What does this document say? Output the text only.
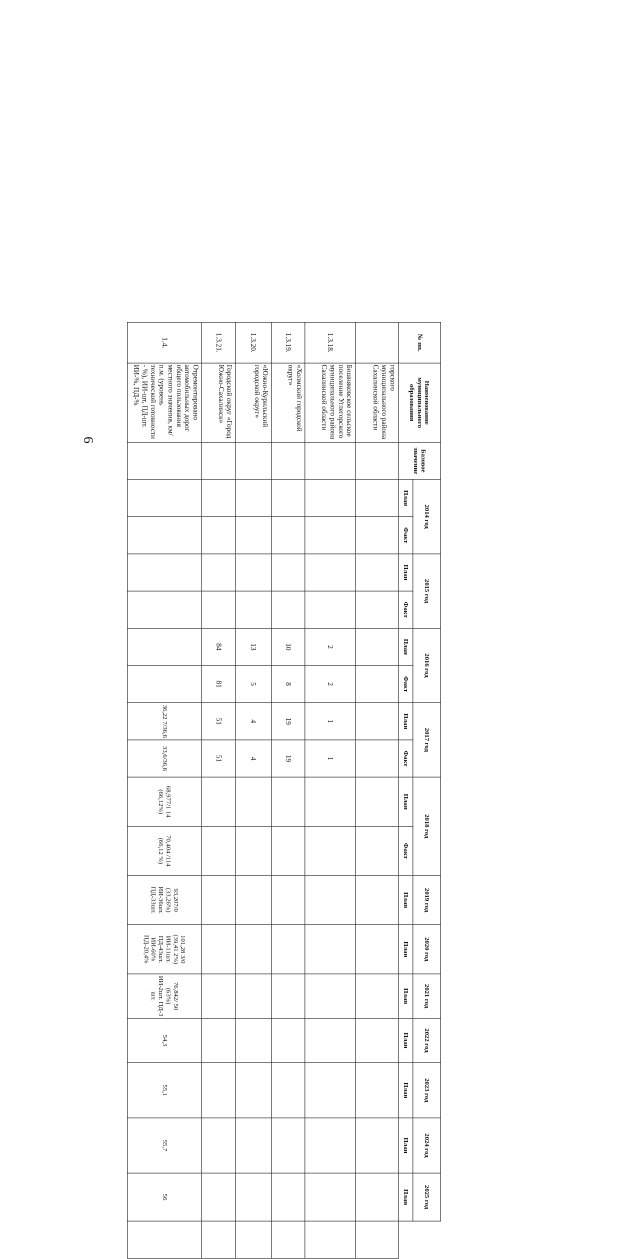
6
№ пп.	Наименование муниципального образования	Базовое значение	2014 год		2015 год		2016 год		2017 год		2018 год		2019 год	2020 год	2021 год	2022 год	2023 год	2024 год	2025 год	
			План	Факт	План	Факт	План	Факт	План	Факт	План	Факт	План	План	План	План	План	План	План	
	горского муниципального района Сахалинской области																			
1.3.18.	Бошняковское сельское поселение Углегорского муниципального района Сахалинской области						2	2	1	1										
1.3.19.	«Холмский городской округ»						10	8	19	19										
1.3.20.	«Южно-Курильский городской округ»						13	5	4	4										
1.3.21.	Городской округ «Город Южно-Сахалинск»						84	81	51	51										
1.4.	Отремонтировано автомобильных дорог общего пользования местного значения, км/п.м. (уровень технической готовности - %), ИИ-шт, ПД-шт. ИИ-%, ПД-%								36,22 7/36,6	33,6/36,6	68,977/1 14 (66,12%)	70,404 /114 (66,12 %)	93,207/0 (33,26%) ИИ-36шт. ПД-33шт.	101,28 3/0 (39,41 2%) ИИ-11шт. ПД-43шт. ИИ-60% ПД-20,4%	76,842/ 50 (63%) ИИ-2шт. ПД-3 шт.	54,3	55,1	55,7	56	
